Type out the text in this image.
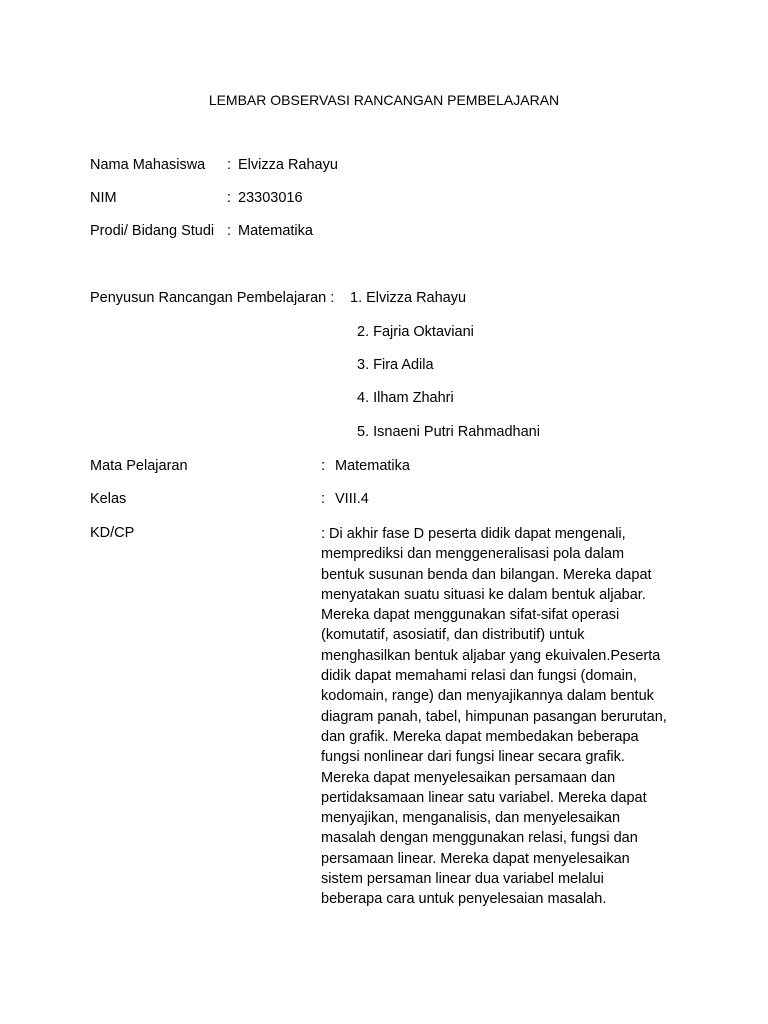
LEMBAR OBSERVASI RANCANGAN PEMBELAJARAN
Nama Mahasiswa : Elvizza Rahayu
NIM	: 23303016
Prodi/ Bidang Studi : Matematika
Penyusun Rancangan Pembelajaran : 1. Elvizza Rahayu
2. Fajria Oktaviani
3. Fira Adila
4. Ilham Zhahri
5. Isnaeni Putri Rahmadhani
Mata Pelajaran	: Matematika
Kelas	: VIII.4
KD/CP	: Di akhir fase D peserta didik dapat mengenali,
memprediksi dan menggeneralisasi pola dalam
bentuk susunan benda dan bilangan. Mereka dapat
menyatakan suatu situasi ke dalam bentuk aljabar.
Mereka dapat menggunakan sifat-sifat operasi
(komutatif, asosiatif, dan distributif) untuk
menghasilkan bentuk aljabar yang ekuivalen.Peserta
didik dapat memahami relasi dan fungsi (domain,
kodomain, range) dan menyajikannya dalam bentuk
diagram panah, tabel, himpunan pasangan berurutan,
dan grafik. Mereka dapat membedakan beberapa
fungsi nonlinear dari fungsi linear secara grafik.
Mereka dapat menyelesaikan persamaan dan
pertidaksamaan linear satu variabel. Mereka dapat
menyajikan, menganalisis, dan menyelesaikan
masalah dengan menggunakan relasi, fungsi dan
persamaan linear. Mereka dapat menyelesaikan
sistem persaman linear dua variabel melalui
beberapa cara untuk penyelesaian masalah.
